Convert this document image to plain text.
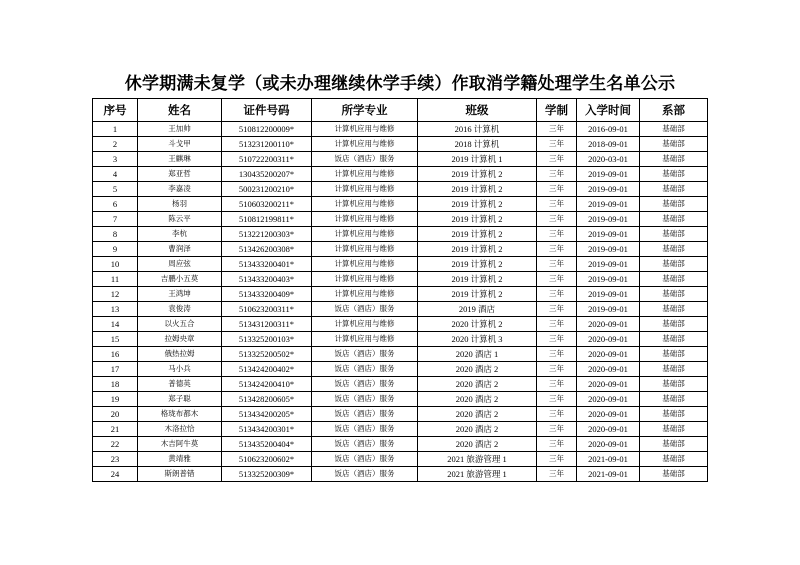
休学期满未复学（或未办理继续休学手续）作取消学籍处理学生名单公示
序号	姓名	证件号码	所学专业	班级	学制	入学时间	系部
1	王加帅	510812200009*	计算机应用与维修	2016 计算机	三年	2016-09-01	基础部
2	斗戈甲	513231200110*	计算机应用与维修	2018 计算机	三年	2018-09-01	基础部
3	王麒琳	510722200311*	饭店（酒店）服务	2019 计算机 1	三年	2020-03-01	基础部
4	郑亚哲	130435200207*	计算机应用与维修	2019 计算机 2	三年	2019-09-01	基础部
5	李嘉凌	500231200210*	计算机应用与维修	2019 计算机 2	三年	2019-09-01	基础部
6	杨羽	510603200211*	计算机应用与维修	2019 计算机 2	三年	2019-09-01	基础部
7	陈云平	510812199811*	计算机应用与维修	2019 计算机 2	三年	2019-09-01	基础部
8	李杭	513221200303*	计算机应用与维修	2019 计算机 2	三年	2019-09-01	基础部
9	曹润泽	513426200308*	计算机应用与维修	2019 计算机 2	三年	2019-09-01	基础部
10	周应弦	513433200401*	计算机应用与维修	2019 计算机 2	三年	2019-09-01	基础部
11	吉鹏小五莫	513433200403*	计算机应用与维修	2019 计算机 2	三年	2019-09-01	基础部
12	王鸿坤	513433200409*	计算机应用与维修	2019 计算机 2	三年	2019-09-01	基础部
13	袁俊涛	510623200311*	饭店（酒店）服务	2019 酒店	三年	2019-09-01	基础部
14	以火五合	513431200311*	计算机应用与维修	2020 计算机 2	三年	2020-09-01	基础部
15	拉姆央章	513325200103*	计算机应用与维修	2020 计算机 3	三年	2020-09-01	基础部
16	俄热拉姆	513325200502*	饭店（酒店）服务	2020 酒店 1	三年	2020-09-01	基础部
17	马小兵	513424200402*	饭店（酒店）服务	2020 酒店 2	三年	2020-09-01	基础部
18	普德英	513424200410*	饭店（酒店）服务	2020 酒店 2	三年	2020-09-01	基础部
19	郑子聪	513428200605*	饭店（酒店）服务	2020 酒店 2	三年	2020-09-01	基础部
20	格珑布都木	513434200205*	饭店（酒店）服务	2020 酒店 2	三年	2020-09-01	基础部
21	木洛拉恰	513434200301*	饭店（酒店）服务	2020 酒店 2	三年	2020-09-01	基础部
22	木吉阿牛莫	513435200404*	饭店（酒店）服务	2020 酒店 2	三年	2020-09-01	基础部
23	黄靖雅	510623200602*	饭店（酒店）服务	2021 旅游管理 1	三年	2021-09-01	基础部
24	斯朗普错	513325200309*	饭店（酒店）服务	2021 旅游管理 1	三年	2021-09-01	基础部
